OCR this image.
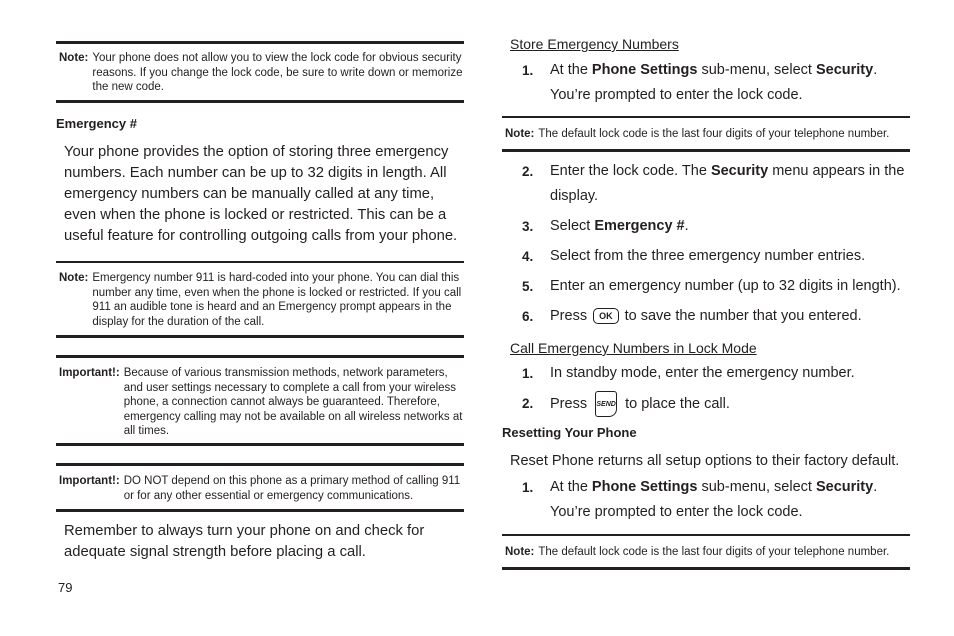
Note: Your phone does not allow you to view the lock code for obvious security reasons. If you change the lock code, be sure to write down or memorize the new code.
Emergency #
Your phone provides the option of storing three emergency numbers. Each number can be up to 32 digits in length. All emergency numbers can be manually called at any time, even when the phone is locked or restricted. This can be a useful feature for controlling outgoing calls from your phone.
Note: Emergency number 911 is hard-coded into your phone. You can dial this number any time, even when the phone is locked or restricted. If you call 911 an audible tone is heard and an Emergency prompt appears in the display for the duration of the call.
Important!: Because of various transmission methods, network parameters, and user settings necessary to complete a call from your wireless phone, a connection cannot always be guaranteed. Therefore, emergency calling may not be available on all wireless networks at all times.
Important!: DO NOT depend on this phone as a primary method of calling 911 or for any other essential or emergency communications.
Remember to always turn your phone on and check for adequate signal strength before placing a call.
Store Emergency Numbers
1.	At the Phone Settings sub-menu, select Security. You’re prompted to enter the lock code.
Note: The default lock code is the last four digits of your telephone number.
2.	Enter the lock code. The Security menu appears in the display.
3.	Select Emergency #.
4.	Select from the three emergency number entries.
5.	Enter an emergency number (up to 32 digits in length).
6.	Press OK to save the number that you entered.
Call Emergency Numbers in Lock Mode
1.	In standby mode, enter the emergency number.
2.	Press SEND to place the call.
Resetting Your Phone
Reset Phone returns all setup options to their factory default.
1.	At the Phone Settings sub-menu, select Security. You’re prompted to enter the lock code.
Note: The default lock code is the last four digits of your telephone number.
79
